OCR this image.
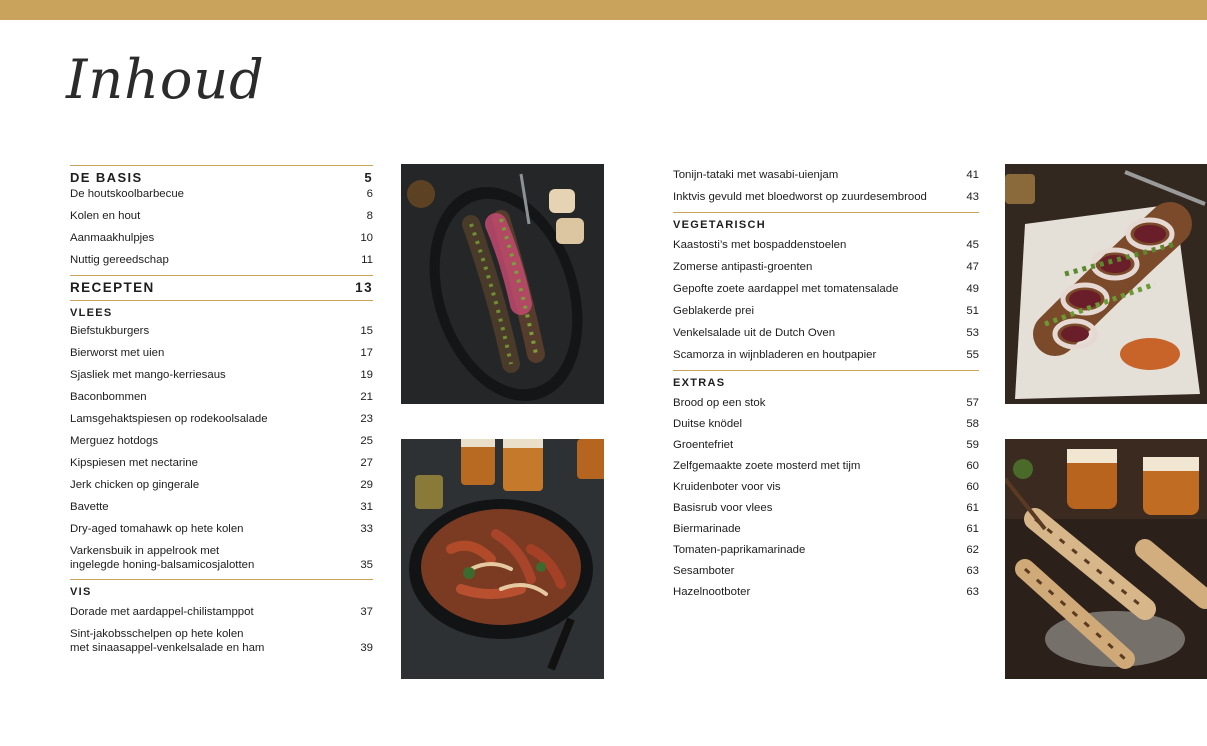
Inhoud
DE BASIS	5
De houtskoolbarbecue	6
Kolen en hout	8
Aanmaakhulpjes	10
Nuttig gereedschap	11
RECEPTEN	13
VLEES
Biefstukburgers	15
Bierworst met uien	17
Sjasliek met mango-kerriesaus	19
Baconbommen	21
Lamsgehaktspiesen op rodekoolsalade	23
Merguez hotdogs	25
Kipspiesen met nectarine	27
Jerk chicken op gingerale	29
Bavette	31
Dry-aged tomahawk op hete kolen	33
Varkensbuik in appelrook met
ingelegde honing-balsamicosjalotten	35
VIS
Dorade met aardappel-chilistamppot	37
Sint-jakobsschelpen op hete kolen
met sinaasappel-venkelsalade en ham	39
Tonijn-tataki met wasabi-uienjam	41
Inktvis gevuld met bloedworst op zuurdesembrood	43
VEGETARISCH
Kaastosti’s met bospaddenstoelen	45
Zomerse antipasti-groenten	47
Gepofte zoete aardappel met tomatensalade	49
Geblakerde prei	51
Venkelsalade uit de Dutch Oven	53
Scamorza in wijnbladeren en houtpapier	55
EXTRAS
Brood op een stok	57
Duitse knödel	58
Groentefriet	59
Zelfgemaakte zoete mosterd met tijm	60
Kruidenboter voor vis	60
Basisrub voor vlees	61
Biermarinade	61
Tomaten-paprikamarinade	62
Sesamboter	63
Hazelnootboter	63
